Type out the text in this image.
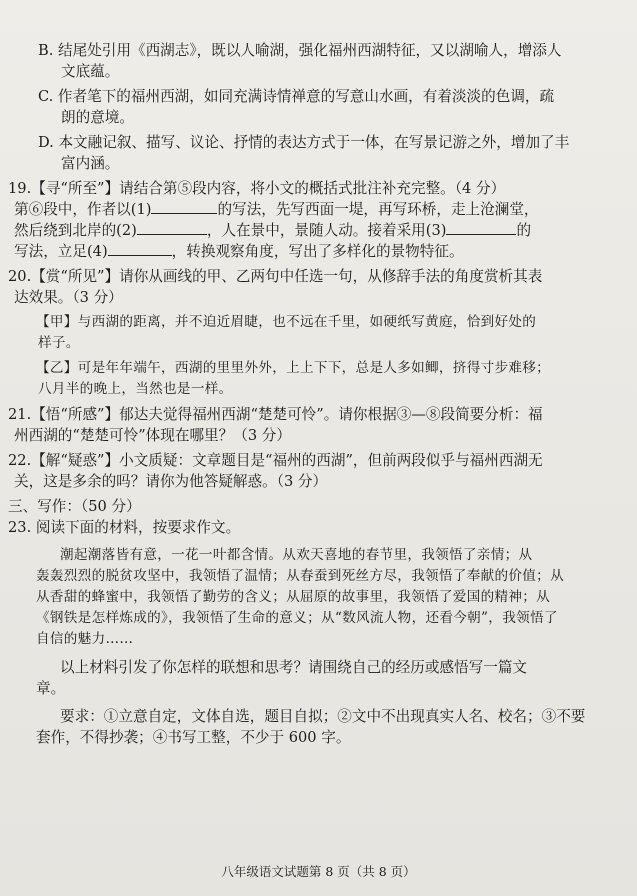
B. 结尾处引用《西湖志》，既以人喻湖，强化福州西湖特征，又以湖喻人，增添人
文底蕴。
C. 作者笔下的福州西湖，如同充满诗情禅意的写意山水画，有着淡淡的色调，疏
朗的意境。
D. 本文融记叙、描写、议论、抒情的表达方式于一体，在写景记游之外，增加了丰
富内涵。
19.【寻“所至”】请结合第⑤段内容，将小文的概括式批注补充完整。（4 分）
第⑥段中，作者以(1)	的写法，先写西面一堤，再写环桥，走上沧澜堂，
然后绕到北岸的(2)	，人在景中，景随人动。接着采用(3)	的
写法，立足(4)	，转换观察角度，写出了多样化的景物特征。
20.【赏“所见”】请你从画线的甲、乙两句中任选一句，从修辞手法的角度赏析其表
达效果。（3 分）
【甲】与西湖的距离，并不迫近眉睫，也不远在千里，如硬纸写黄庭，恰到好处的
样子。
【乙】可是年年端午，西湖的里里外外，上上下下，总是人多如鲫，挤得寸步难移；
八月半的晚上，当然也是一样。
21.【悟“所感”】郁达夫觉得福州西湖“楚楚可怜”。请你根据③—⑧段简要分析：福
州西湖的“楚楚可怜”体现在哪里？（3 分）
22.【解“疑惑”】小文质疑：文章题目是“福州的西湖”，但前两段似乎与福州西湖无
关，这是多余的吗？请你为他答疑解惑。（3 分）
三、写作：（50 分）
23. 阅读下面的材料，按要求作文。
潮起潮落皆有意，一花一叶都含情。从欢天喜地的春节里，我领悟了亲情；从
轰轰烈烈的脱贫攻坚中，我领悟了温情；从春蚕到死丝方尽，我领悟了奉献的价值；从
从香甜的蜂蜜中，我领悟了勤劳的含义；从屈原的故事里，我领悟了爱国的精神；从
《钢铁是怎样炼成的》，我领悟了生命的意义；从“数风流人物，还看今朝”，我领悟了
自信的魅力……
以上材料引发了你怎样的联想和思考？请围绕自己的经历或感悟写一篇文
章。
要求：①立意自定，文体自选，题目自拟；②文中不出现真实人名、校名；③不要
套作，不得抄袭；④书写工整，不少于 600 字。
八年级语文试题第 8 页（共 8 页）
